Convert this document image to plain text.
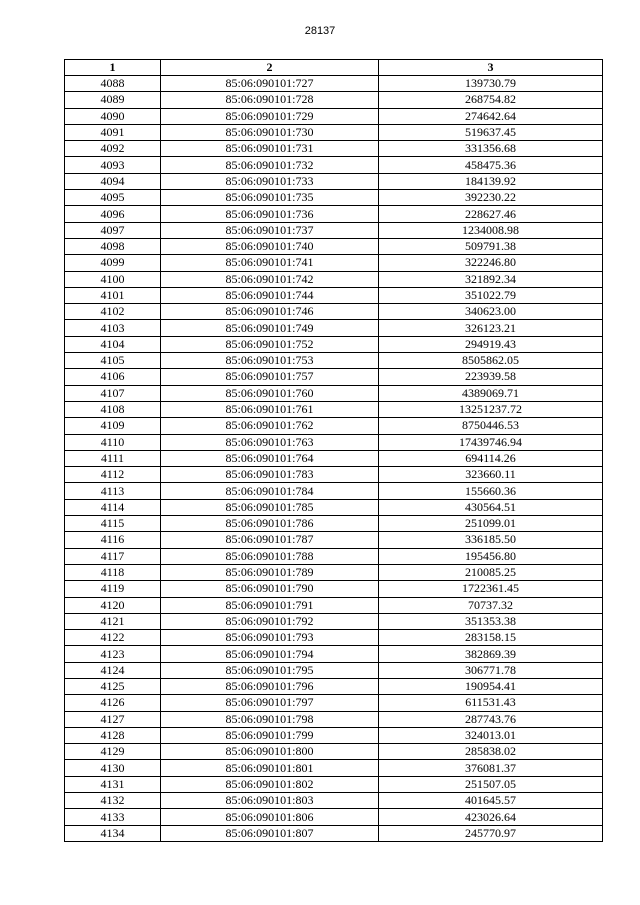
28137
1	2	3
4088	85:06:090101:727	139730.79
4089	85:06:090101:728	268754.82
4090	85:06:090101:729	274642.64
4091	85:06:090101:730	519637.45
4092	85:06:090101:731	331356.68
4093	85:06:090101:732	458475.36
4094	85:06:090101:733	184139.92
4095	85:06:090101:735	392230.22
4096	85:06:090101:736	228627.46
4097	85:06:090101:737	1234008.98
4098	85:06:090101:740	509791.38
4099	85:06:090101:741	322246.80
4100	85:06:090101:742	321892.34
4101	85:06:090101:744	351022.79
4102	85:06:090101:746	340623.00
4103	85:06:090101:749	326123.21
4104	85:06:090101:752	294919.43
4105	85:06:090101:753	8505862.05
4106	85:06:090101:757	223939.58
4107	85:06:090101:760	4389069.71
4108	85:06:090101:761	13251237.72
4109	85:06:090101:762	8750446.53
4110	85:06:090101:763	17439746.94
4111	85:06:090101:764	694114.26
4112	85:06:090101:783	323660.11
4113	85:06:090101:784	155660.36
4114	85:06:090101:785	430564.51
4115	85:06:090101:786	251099.01
4116	85:06:090101:787	336185.50
4117	85:06:090101:788	195456.80
4118	85:06:090101:789	210085.25
4119	85:06:090101:790	1722361.45
4120	85:06:090101:791	70737.32
4121	85:06:090101:792	351353.38
4122	85:06:090101:793	283158.15
4123	85:06:090101:794	382869.39
4124	85:06:090101:795	306771.78
4125	85:06:090101:796	190954.41
4126	85:06:090101:797	611531.43
4127	85:06:090101:798	287743.76
4128	85:06:090101:799	324013.01
4129	85:06:090101:800	285838.02
4130	85:06:090101:801	376081.37
4131	85:06:090101:802	251507.05
4132	85:06:090101:803	401645.57
4133	85:06:090101:806	423026.64
4134	85:06:090101:807	245770.97
